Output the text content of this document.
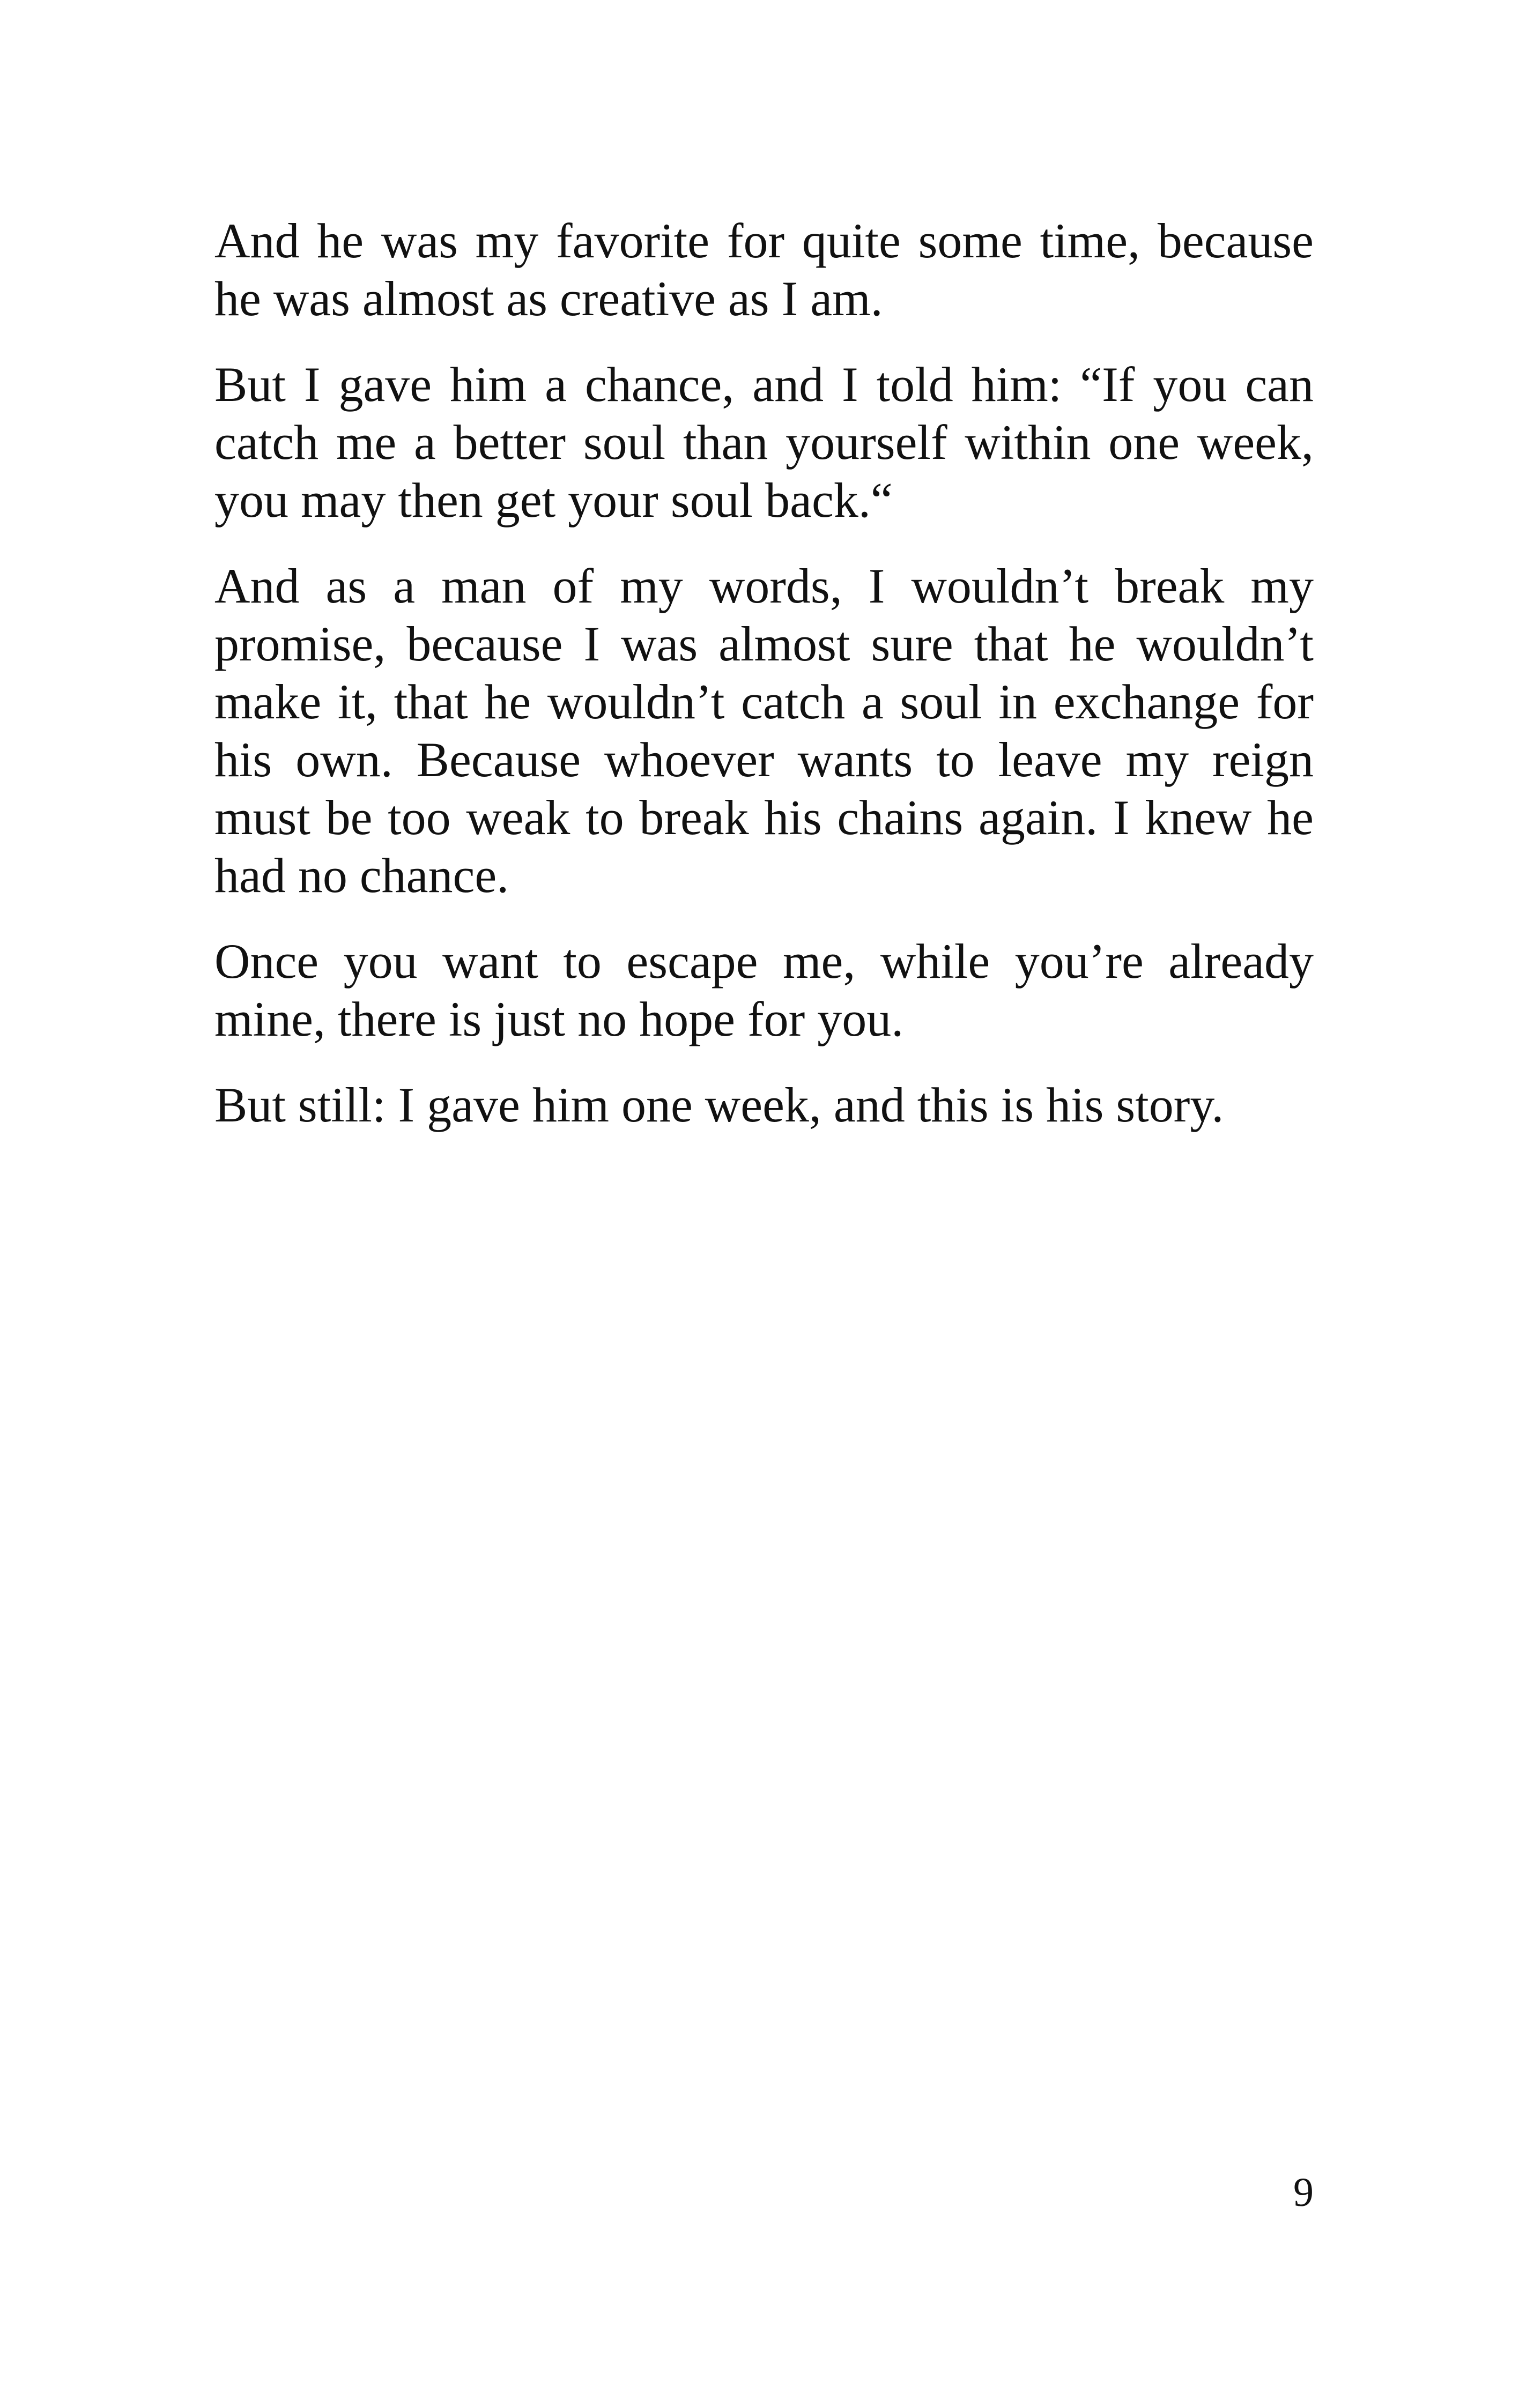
And he was my favorite for quite some time, because he was almost as creative as I am.

But I gave him a chance, and I told him: “If you can catch me a better soul than yourself within one week, you may then get your soul back.“

And as a man of my words, I wouldn’t break my promise, because I was almost sure that he wouldn’t make it, that he wouldn’t catch a soul in exchange for his own. Because whoever wants to leave my reign must be too weak to break his chains again. I knew he had no chance.

Once you want to escape me, while you’re already mine, there is just no hope for you.

But still: I gave him one week, and this is his story.

9
